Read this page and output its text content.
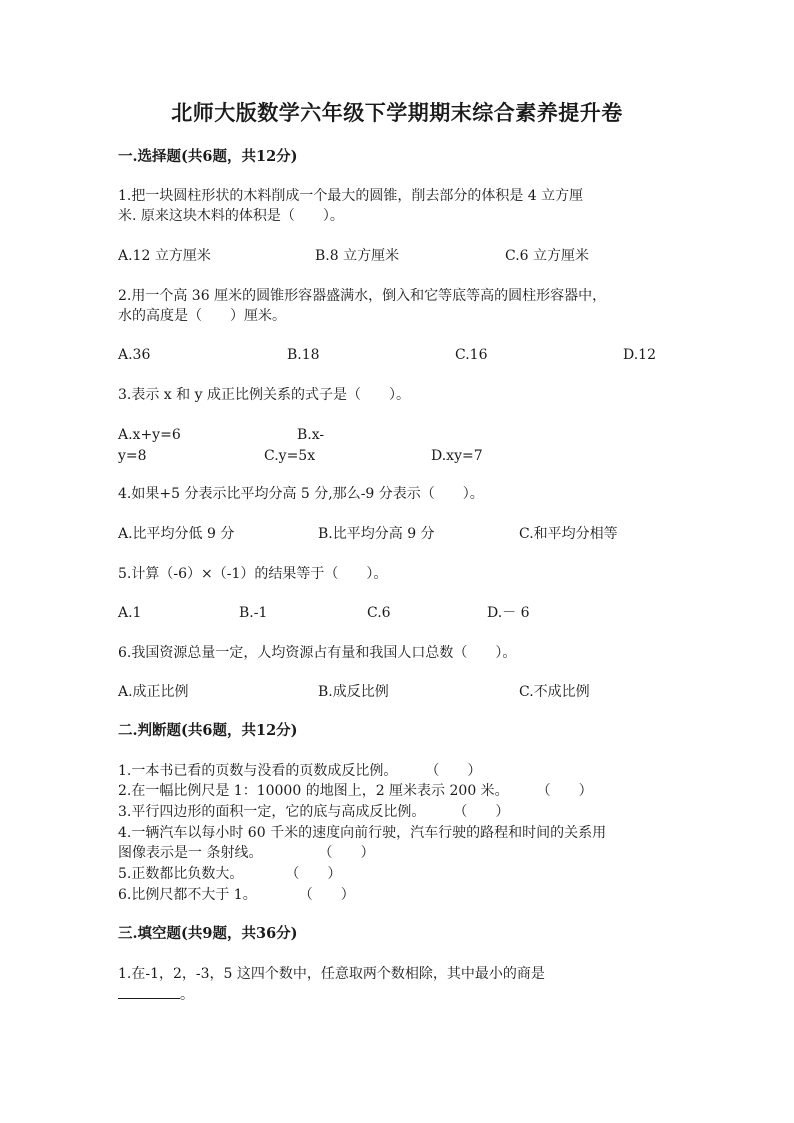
北师大版数学六年级下学期期末综合素养提升卷
一.选择题(共6题，共12分)
1.把一块圆柱形状的木料削成一个最大的圆锥，削去部分的体积是 4 立方厘
米. 原来这块木料的体积是（　　）。
A.12 立方厘米	B.8 立方厘米	C.6 立方厘米
2.用一个高 36 厘米的圆锥形容器盛满水，倒入和它等底等高的圆柱形容器中，
水的高度是（　　）厘米。
A.36	B.18	C.16	D.12
3.表示 x 和 y 成正比例关系的式子是（　　）。
A.x+y=6	B.x-
y=8	C.y=5x	D.xy=7
4.如果+5 分表示比平均分高 5 分,那么-9 分表示（　　）。
A.比平均分低 9 分	B.比平均分高 9 分	C.和平均分相等
5.计算（-6）×（-1）的结果等于（　　）。
A.1	B.-1	C.6	D.－ 6
6.我国资源总量一定，人均资源占有量和我国人口总数（　　）。
A.成正比例	B.成反比例	C.不成比例
二.判断题(共6题，共12分)
1.一本书已看的页数与没看的页数成反比例。　　　（　　）
2.在一幅比例尺是 1：10000 的地图上，2 厘米表示 200 米。　　　（　　）
3.平行四边形的面积一定，它的底与高成反比例。　　　（　　）
4.一辆汽车以每小时 60 千米的速度向前行驶，汽车行驶的路程和时间的关系用
图像表示是一 条射线。　　　　　（　　）
5.正数都比负数大。　　　　（　　）
6.比例尺都不大于 1。　　　　（　　）
三.填空题(共9题，共36分)
1.在-1，2，-3，5 这四个数中，任意取两个数相除，其中最小的商是
。
